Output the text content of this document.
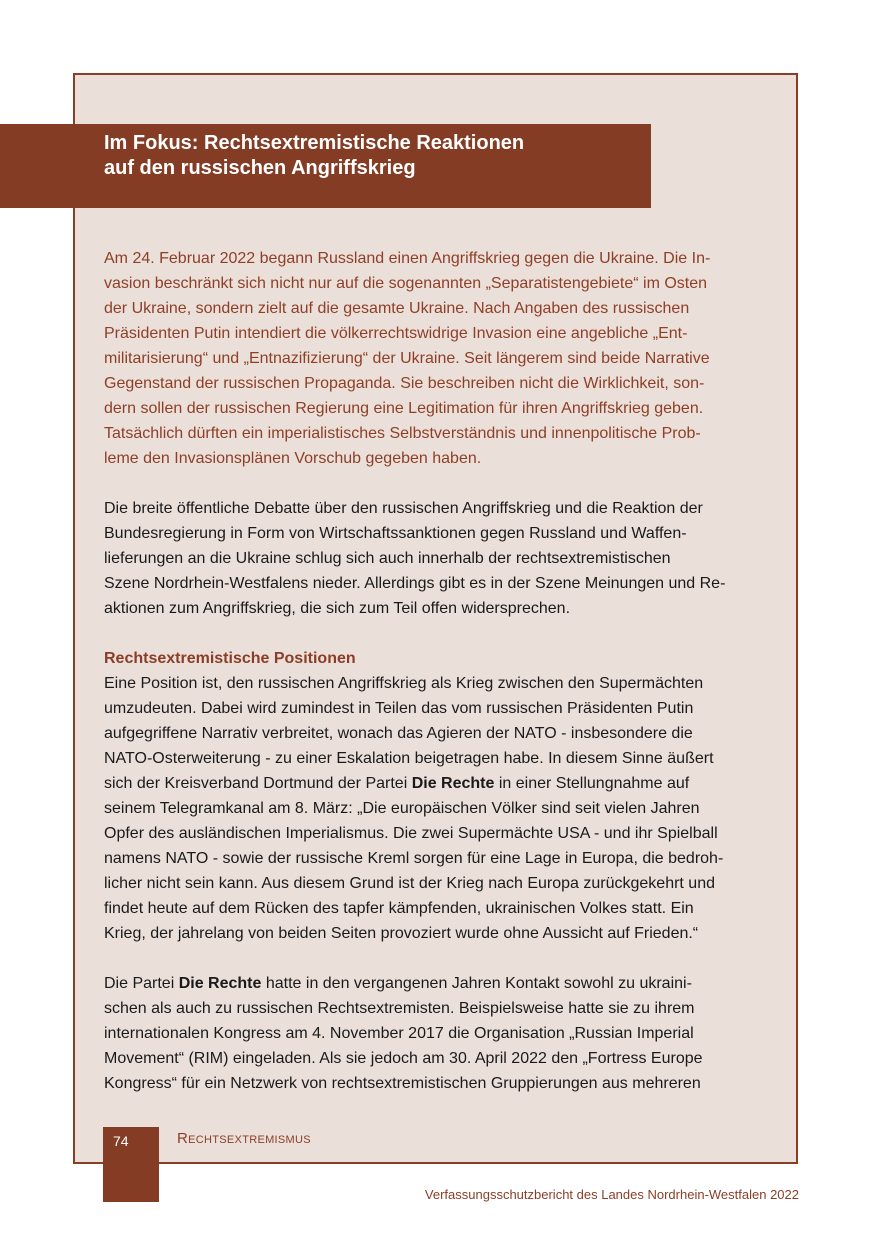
Im Fokus: Rechtsextremistische Reaktionen
auf den russischen Angriffskrieg
Am 24. Februar 2022 begann Russland einen Angriffskrieg gegen die Ukraine. Die In-
vasion beschränkt sich nicht nur auf die sogenannten „Separatistengebiete“ im Osten
der Ukraine, sondern zielt auf die gesamte Ukraine. Nach Angaben des russischen
Präsidenten Putin intendiert die völkerrechtswidrige Invasion eine angebliche „Ent-
militarisierung“ und „Entnazifizierung“ der Ukraine. Seit längerem sind beide Narrative
Gegenstand der russischen Propaganda. Sie beschreiben nicht die Wirklichkeit, son-
dern sollen der russischen Regierung eine Legitimation für ihren Angriffskrieg geben.
Tatsächlich dürften ein imperialistisches Selbstverständnis und innenpolitische Prob-
leme den Invasionsplänen Vorschub gegeben haben.
Die breite öffentliche Debatte über den russischen Angriffskrieg und die Reaktion der
Bundesregierung in Form von Wirtschaftssanktionen gegen Russland und Waffen-
lieferungen an die Ukraine schlug sich auch innerhalb der rechtsextremistischen
Szene Nordrhein-Westfalens nieder. Allerdings gibt es in der Szene Meinungen und Re-
aktionen zum Angriffskrieg, die sich zum Teil offen widersprechen.
Rechtsextremistische Positionen
Eine Position ist, den russischen Angriffskrieg als Krieg zwischen den Supermächten
umzudeuten. Dabei wird zumindest in Teilen das vom russischen Präsidenten Putin
aufgegriffene Narrativ verbreitet, wonach das Agieren der NATO - insbesondere die
NATO-Osterweiterung - zu einer Eskalation beigetragen habe. In diesem Sinne äußert
sich der Kreisverband Dortmund der Partei Die Rechte in einer Stellungnahme auf
seinem Telegramkanal am 8. März: „Die europäischen Völker sind seit vielen Jahren
Opfer des ausländischen Imperialismus. Die zwei Supermächte USA - und ihr Spielball
namens NATO - sowie der russische Kreml sorgen für eine Lage in Europa, die bedroh-
licher nicht sein kann. Aus diesem Grund ist der Krieg nach Europa zurückgekehrt und
findet heute auf dem Rücken des tapfer kämpfenden, ukrainischen Volkes statt. Ein
Krieg, der jahrelang von beiden Seiten provoziert wurde ohne Aussicht auf Frieden.“
Die Partei Die Rechte hatte in den vergangenen Jahren Kontakt sowohl zu ukraini-
schen als auch zu russischen Rechtsextremisten. Beispielsweise hatte sie zu ihrem
internationalen Kongress am 4. November 2017 die Organisation „Russian Imperial
Movement“ (RIM) eingeladen. Als sie jedoch am 30. April 2022 den „Fortress Europe
Kongress“ für ein Netzwerk von rechtsextremistischen Gruppierungen aus mehreren
74	RECHTSEXTREMISMUS
Verfassungsschutzbericht des Landes Nordrhein-Westfalen 2022
